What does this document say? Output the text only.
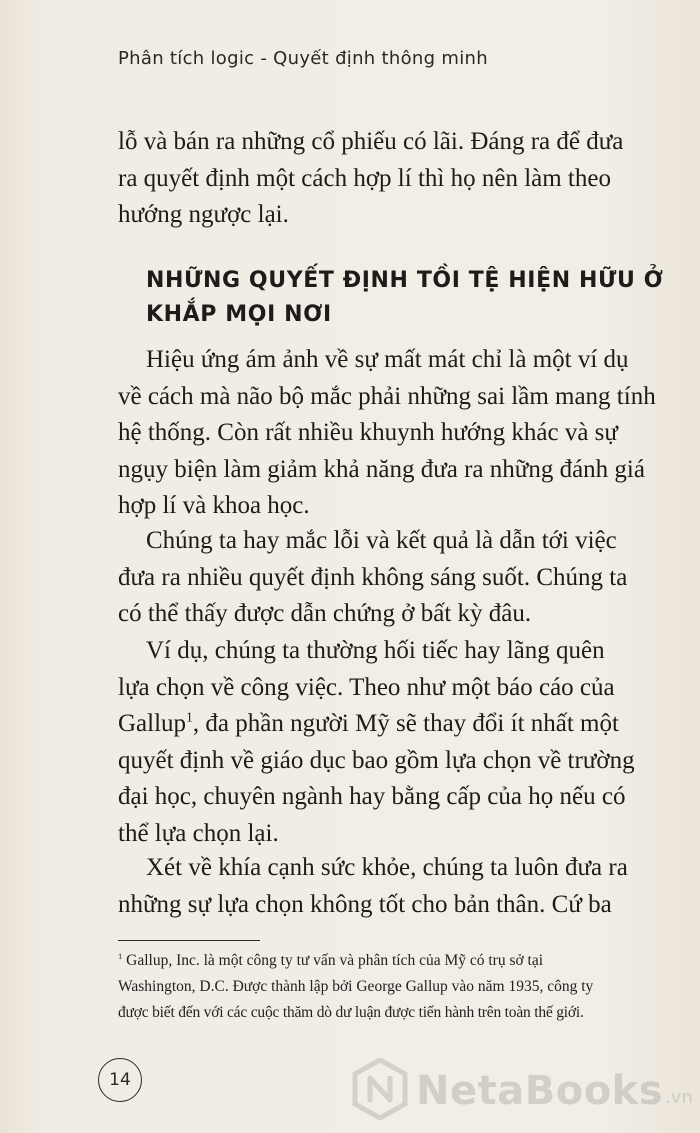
Phân tích logic - Quyết định thông minh

lỗ và bán ra những cổ phiếu có lãi. Đáng ra để đưa
ra quyết định một cách hợp lí thì họ nên làm theo
hướng ngược lại.

NHỮNG QUYẾT ĐỊNH TỒI TỆ HIỆN HỮU Ở
KHẮP MỌI NƠI

Hiệu ứng ám ảnh về sự mất mát chỉ là một ví dụ
về cách mà não bộ mắc phải những sai lầm mang tính
hệ thống. Còn rất nhiều khuynh hướng khác và sự
ngụy biện làm giảm khả năng đưa ra những đánh giá
hợp lí và khoa học.

Chúng ta hay mắc lỗi và kết quả là dẫn tới việc
đưa ra nhiều quyết định không sáng suốt. Chúng ta
có thể thấy được dẫn chứng ở bất kỳ đâu.

Ví dụ, chúng ta thường hối tiếc hay lãng quên
lựa chọn về công việc. Theo như một báo cáo của
Gallup$^1$, đa phần người Mỹ sẽ thay đổi ít nhất một
quyết định về giáo dục bao gồm lựa chọn về trường
đại học, chuyên ngành hay bằng cấp của họ nếu có
thể lựa chọn lại.

Xét về khía cạnh sức khỏe, chúng ta luôn đưa ra
những sự lựa chọn không tốt cho bản thân. Cứ ba

$^1$ Gallup, Inc. là một công ty tư vấn và phân tích của Mỹ có trụ sở tại
Washington, D.C. Được thành lập bởi George Gallup vào năm 1935, công ty
được biết đến với các cuộc thăm dò dư luận được tiến hành trên toàn thế giới.

14	NetaBooks .vn
